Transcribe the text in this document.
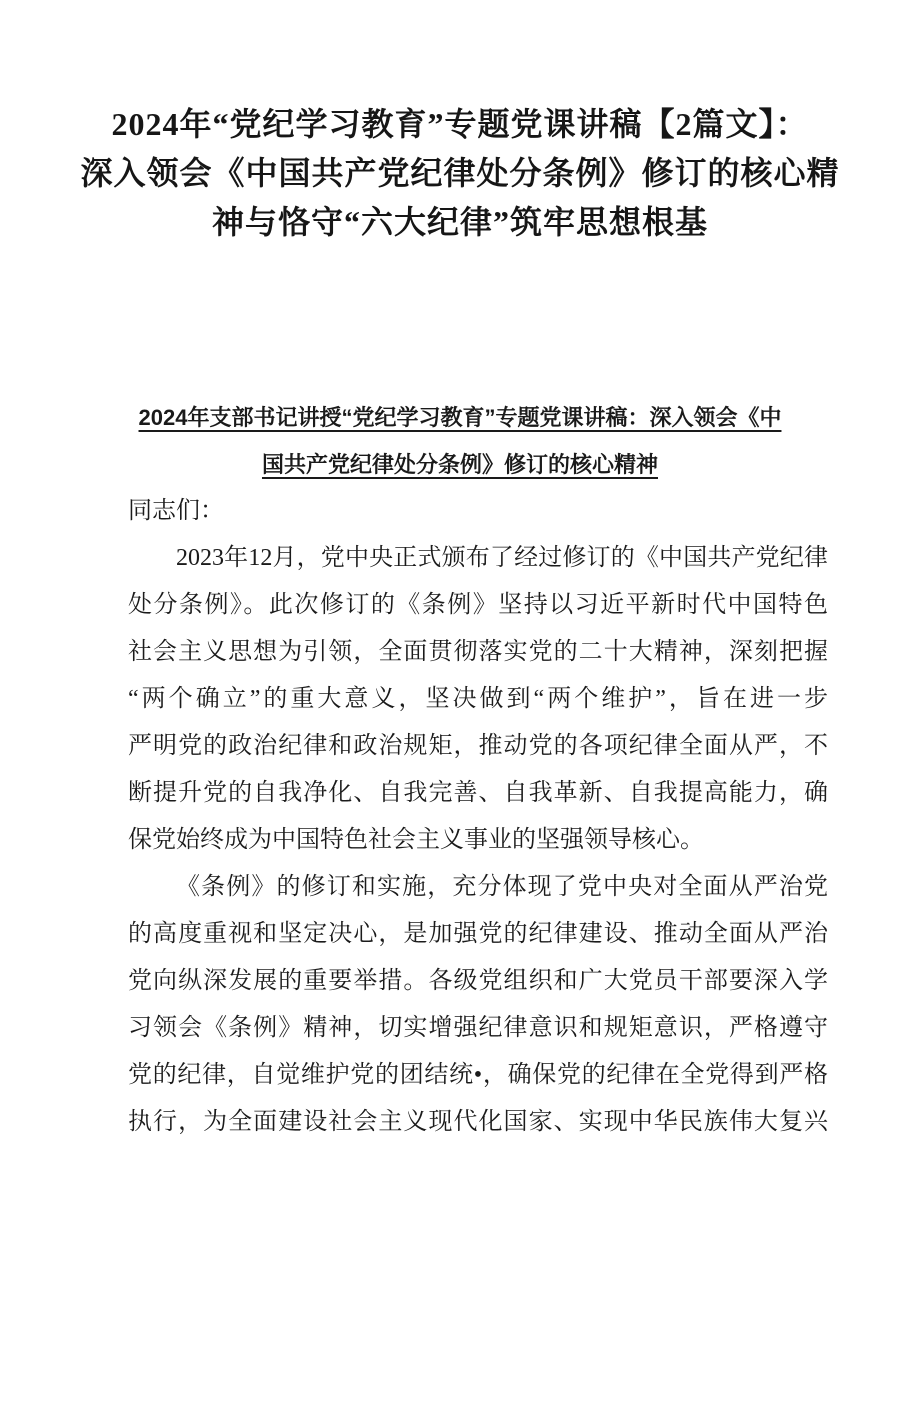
2024年“党纪学习教育”专题党课讲稿【2篇文】：
深入领会《中国共产党纪律处分条例》修订的核心精
神与恪守“六大纪律”筑牢思想根基
2024年支部书记讲授“党纪学习教育”专题党课讲稿：深入领会《中
国共产党纪律处分条例》修订的核心精神
同志们：
2023年12月，党中央正式颁布了经过修订的《中国共产党纪律
处分条例》。此次修订的《条例》坚持以习近平新时代中国特色
社会主义思想为引领，全面贯彻落实党的二十大精神，深刻把握
“两个确立”的重大意义，坚决做到“两个维护”，旨在进一步
严明党的政治纪律和政治规矩，推动党的各项纪律全面从严，不
断提升党的自我净化、自我完善、自我革新、自我提高能力，确
保党始终成为中国特色社会主义事业的坚强领导核心。
《条例》的修订和实施，充分体现了党中央对全面从严治党
的高度重视和坚定决心，是加强党的纪律建设、推动全面从严治
党向纵深发展的重要举措。各级党组织和广大党员干部要深入学
习领会《条例》精神，切实增强纪律意识和规矩意识，严格遵守
党的纪律，自觉维护党的团结统•，确保党的纪律在全党得到严格
执行，为全面建设社会主义现代化国家、实现中华民族伟大复兴
